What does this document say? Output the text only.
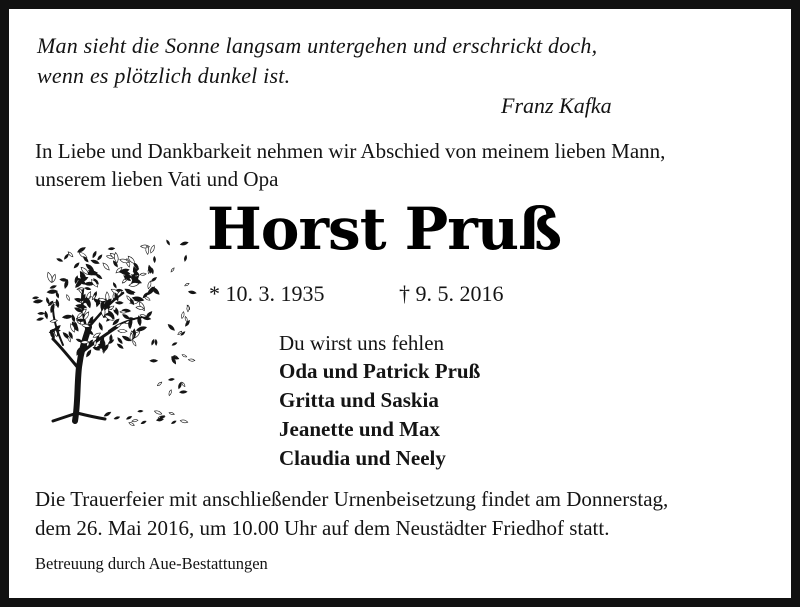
Man sieht die Sonne langsam untergehen und erschrickt doch,

wenn es plötzlich dunkel ist.

Franz Kafka

In Liebe und Dankbarkeit nehmen wir Abschied von meinem lieben Mann,

unserem lieben Vati und Opa

Horst Pruß

* 10. 3. 1935	† 9. 5. 2016

Du wirst uns fehlen

Oda und Patrick Pruß

Gritta und Saskia

Jeanette und Max

Claudia und Neely

Die Trauerfeier mit anschließender Urnenbeisetzung findet am Donnerstag,

dem 26. Mai 2016, um 10.00 Uhr auf dem Neustädter Friedhof statt.

Betreuung durch Aue-Bestattungen
